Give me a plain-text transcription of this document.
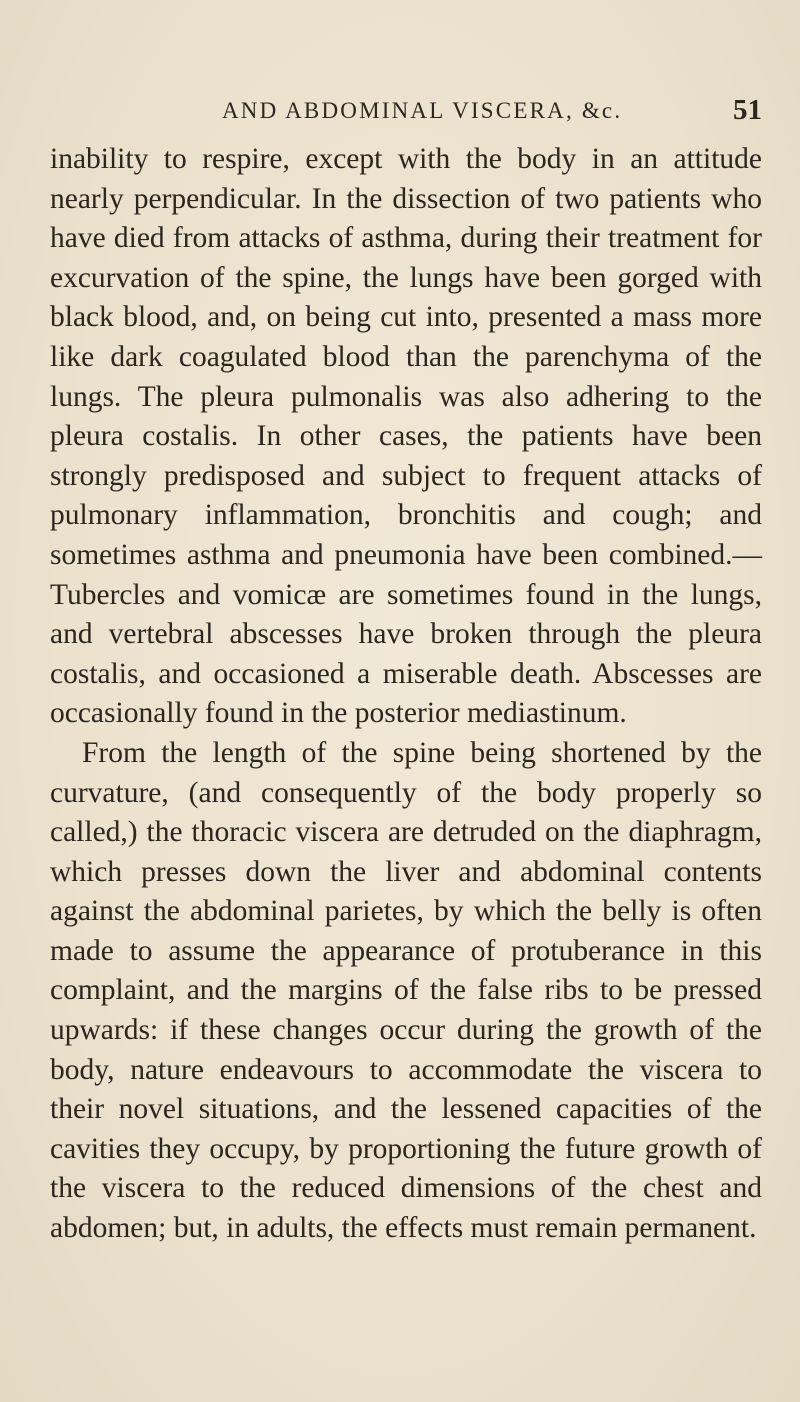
AND ABDOMINAL VISCERA, &c.	51

inability to respire, except with the body in an attitude nearly perpendicular. In the dissection of two patients who have died from attacks of asthma, during their treatment for excurvation of the spine, the lungs have been gorged with black blood, and, on being cut into, presented a mass more like dark coagulated blood than the parenchyma of the lungs. The pleura pulmonalis was also adhering to the pleura costalis. In other cases, the patients have been strongly predisposed and subject to frequent attacks of pulmonary inflammation, bronchitis and cough; and sometimes asthma and pneumonia have been combined.—Tubercles and vomicæ are sometimes found in the lungs, and vertebral abscesses have broken through the pleura costalis, and occasioned a miserable death. Abscesses are occasionally found in the posterior mediastinum.

From the length of the spine being shortened by the curvature, (and consequently of the body properly so called,) the thoracic viscera are detruded on the diaphragm, which presses down the liver and abdominal contents against the abdominal parietes, by which the belly is often made to assume the appearance of protuberance in this complaint, and the margins of the false ribs to be pressed upwards: if these changes occur during the growth of the body, nature endeavours to accommodate the viscera to their novel situations, and the lessened capacities of the cavities they occupy, by proportioning the future growth of the viscera to the reduced dimensions of the chest and abdomen; but, in adults, the effects must remain permanent.
